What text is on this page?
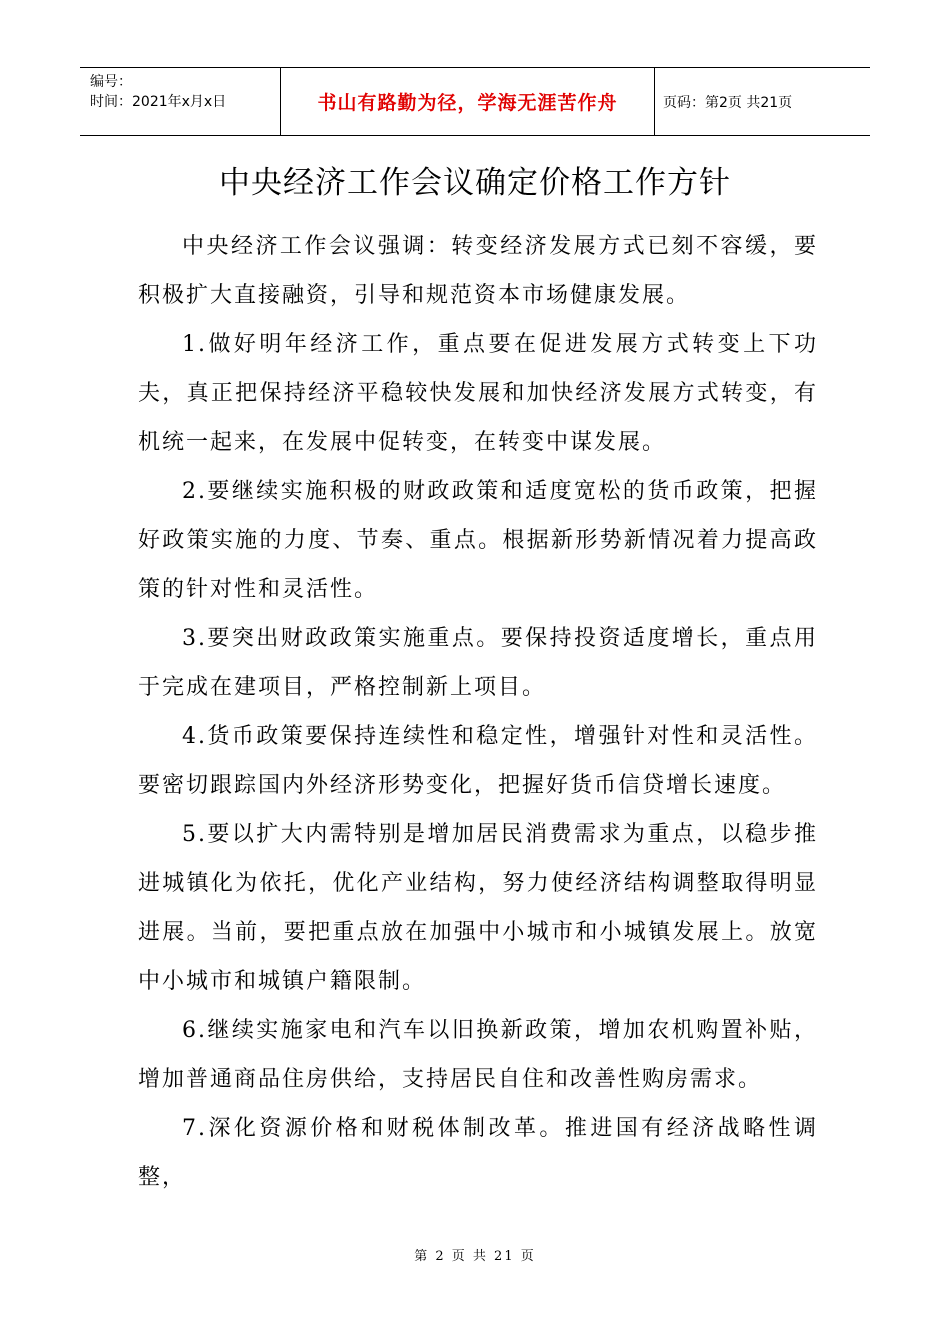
编号：
时间：2021年x月x日	书山有路勤为径，学海无涯苦作舟	页码：第2页 共21页
中央经济工作会议确定价格工作方针

中央经济工作会议强调：转变经济发展方式已刻不容缓，要积极扩大直接融资，引导和规范资本市场健康发展。

1.做好明年经济工作，重点要在促进发展方式转变上下功夫，真正把保持经济平稳较快发展和加快经济发展方式转变，有机统一起来，在发展中促转变，在转变中谋发展。

2.要继续实施积极的财政政策和适度宽松的货币政策，把握好政策实施的力度、节奏、重点。根据新形势新情况着力提高政策的针对性和灵活性。

3.要突出财政政策实施重点。要保持投资适度增长，重点用于完成在建项目，严格控制新上项目。

4.货币政策要保持连续性和稳定性，增强针对性和灵活性。要密切跟踪国内外经济形势变化，把握好货币信贷增长速度。

5.要以扩大内需特别是增加居民消费需求为重点，以稳步推进城镇化为依托，优化产业结构，努力使经济结构调整取得明显进展。当前，要把重点放在加强中小城市和小城镇发展上。放宽中小城市和城镇户籍限制。

6.继续实施家电和汽车以旧换新政策，增加农机购置补贴，增加普通商品住房供给，支持居民自住和改善性购房需求。

7.深化资源价格和财税体制改革。推进国有经济战略性调整，

第 2 页 共 21 页
